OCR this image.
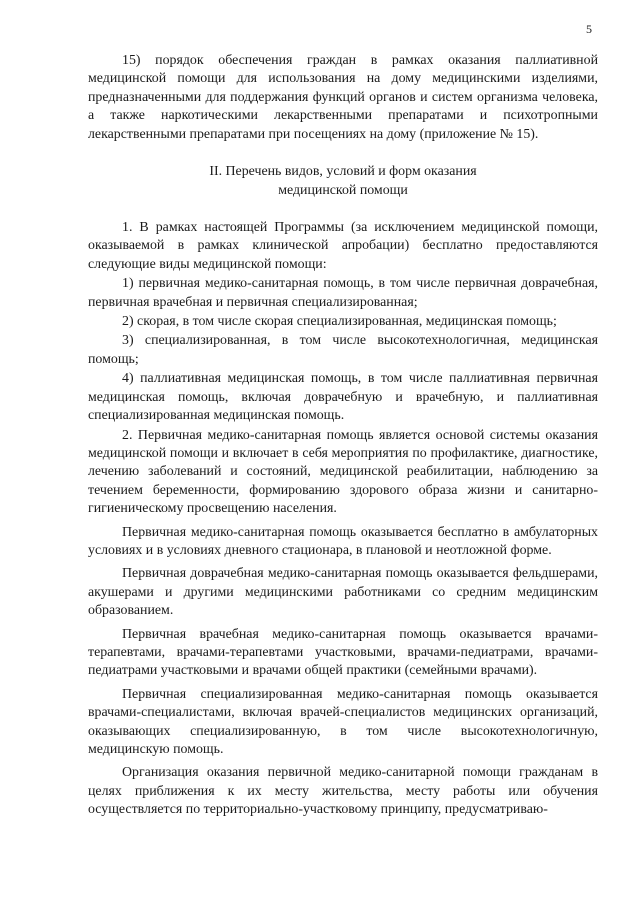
5

15) порядок обеспечения граждан в рамках оказания паллиативной медицинской помощи для использования на дому медицинскими изделиями, предназначенными для поддержания функций органов и систем организма человека, а также наркотическими лекарственными препаратами и психотропными лекарственными препаратами при посещениях на дому (приложение № 15).

II. Перечень видов, условий и форм оказания
медицинской помощи

1. В рамках настоящей Программы (за исключением медицинской помощи, оказываемой в рамках клинической апробации) бесплатно предоставляются следующие виды медицинской помощи:

1) первичная медико-санитарная помощь, в том числе первичная доврачебная, первичная врачебная и первичная специализированная;

2) скорая, в том числе скорая специализированная, медицинская помощь;

3) специализированная, в том числе высокотехнологичная, медицинская помощь;

4) паллиативная медицинская помощь, в том числе паллиативная первичная медицинская помощь, включая доврачебную и врачебную, и паллиативная специализированная медицинская помощь.

2. Первичная медико-санитарная помощь является основой системы оказания медицинской помощи и включает в себя мероприятия по профилактике, диагностике, лечению заболеваний и состояний, медицинской реабилитации, наблюдению за течением беременности, формированию здорового образа жизни и санитарно-гигиеническому просвещению населения.

Первичная медико-санитарная помощь оказывается бесплатно в амбулаторных условиях и в условиях дневного стационара, в плановой и неотложной форме.

Первичная доврачебная медико-санитарная помощь оказывается фельдшерами, акушерами и другими медицинскими работниками со средним медицинским образованием.

Первичная врачебная медико-санитарная помощь оказывается врачами-терапевтами, врачами-терапевтами участковыми, врачами-педиатрами, врачами-педиатрами участковыми и врачами общей практики (семейными врачами).

Первичная специализированная медико-санитарная помощь оказывается врачами-специалистами, включая врачей-специалистов медицинских организаций, оказывающих специализированную, в том числе высокотехнологичную, медицинскую помощь.

Организация оказания первичной медико-санитарной помощи гражданам в целях приближения к их месту жительства, месту работы или обучения осуществляется по территориально-участковому принципу, предусматриваю-
